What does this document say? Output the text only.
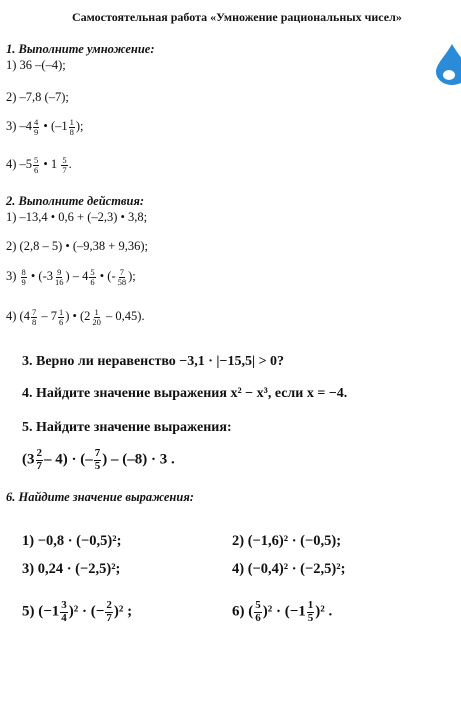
Самостоятельная работа «Умножение рациональных чисел»
1. Выполните умножение:
1) 36 –(–4);
2) –7,8 (–7);
3) $-4 \frac{4}{9}$ • ($-1 \frac{1}{8}$ );
4) $-5 \frac{5}{6}$ • $1 \frac{5}{7}$ .
2. Выполните действия:
1) –13,4 • 0,6 + (–2,3) • 3,8;
2) (2,8 – 5) • (–9,38 + 9,36);
$3) \frac{8}{9}$ • ($-3 \frac{9}{16}$ ) – $4 \frac{5}{6}$ • (- $\frac{7}{58}$ );
4) ($4 \frac{7}{8} - 7 \frac{1}{6}$ ) • $(2 \frac{1}{20} - 0,45)$.
3. Верно ли неравенство −3,1 · |−15,5| > 0?
4. Найдите значение выражения x² − x³, если x = −4.
5. Найдите значение выражения:
$(3 \frac{2}{7} - 4)$ · (– $\frac{7}{5}$ ) – (–8) · 3 .
6. Найдите значение выражения:
1) −0,8 · (−0,5)²;	2) (−1,6)² · (−0,5);
3) 0,24 · (−2,5)²;	4) (−0,4)² · (−2,5)²;
5) $(-1 \frac{3}{4} )^2$ · (− $\frac{2}{7} )^2$ ;	6) ( $\frac{5}{6} )^2 \cdot (-1 \frac{1}{5} )^2$ .
